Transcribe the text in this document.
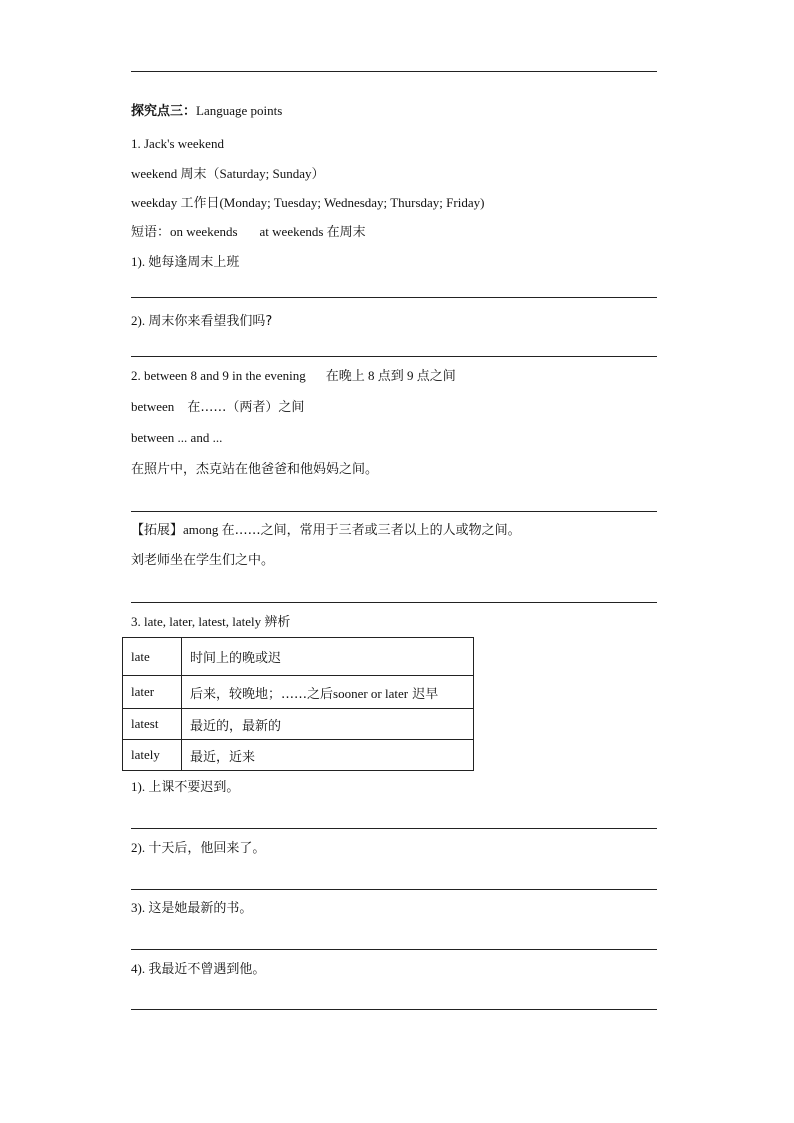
探究点三：Language points
1. Jack's weekend
weekend 周末（Saturday; Sunday）
weekday 工作日(Monday; Tuesday; Wednesday; Thursday; Friday)
短语：on weekends at weekends 在周末
1). 她每逢周末上班
2). 周末你来看望我们吗?
2. between 8 and 9 in the evening 在晚上 8 点到 9 点之间
between 在……（两者）之间
between ... and ...
在照片中，杰克站在他爸爸和他妈妈之间。
【拓展】among 在……之间，常用于三者或三者以上的人或物之间。
刘老师坐在学生们之中。
3. late, later, latest, lately 辨析
late	时间上的晚或迟
later	后来，较晚地；……之后sooner or later 迟早
latest	最近的，最新的
lately	最近，近来
1). 上课不要迟到。
2). 十天后，他回来了。
3). 这是她最新的书。
4). 我最近不曾遇到他。
